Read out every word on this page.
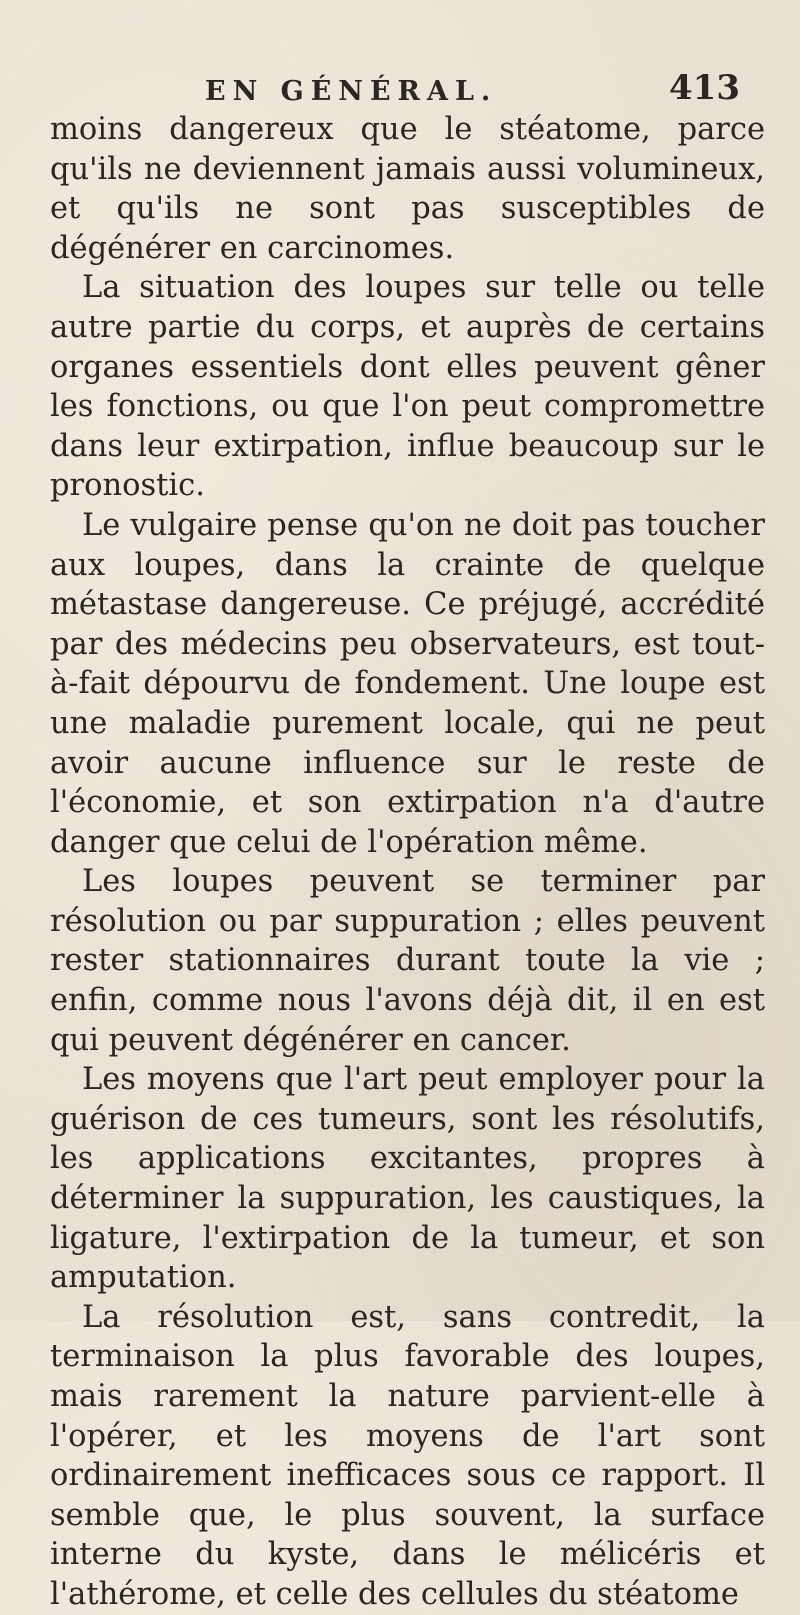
EN GÉNÉRAL.	413

moins dangereux que le stéatome, parce qu'ils ne deviennent jamais aussi volumineux, et qu'ils ne sont pas susceptibles de dégénérer en carcinomes.

La situation des loupes sur telle ou telle autre partie du corps, et auprès de certains organes essentiels dont elles peuvent gêner les fonctions, ou que l'on peut compromettre dans leur extirpation, influe beaucoup sur le pronostic.

Le vulgaire pense qu'on ne doit pas toucher aux loupes, dans la crainte de quelque métastase dangereuse. Ce préjugé, accrédité par des médecins peu observateurs, est tout-à-fait dépourvu de fondement. Une loupe est une maladie purement locale, qui ne peut avoir aucune influence sur le reste de l'économie, et son extirpation n'a d'autre danger que celui de l'opération même.

Les loupes peuvent se terminer par résolution ou par suppuration ; elles peuvent rester stationnaires durant toute la vie ; enfin, comme nous l'avons déjà dit, il en est qui peuvent dégénérer en cancer.

Les moyens que l'art peut employer pour la guérison de ces tumeurs, sont les résolutifs, les applications excitantes, propres à déterminer la suppuration, les caustiques, la ligature, l'extirpation de la tumeur, et son amputation.

La résolution est, sans contredit, la terminaison la plus favorable des loupes, mais rarement la nature parvient-elle à l'opérer, et les moyens de l'art sont ordinairement inefficaces sous ce rapport. Il semble que, le plus souvent, la surface interne du kyste, dans le mélicéris et l'athérome, et celle des cellules du stéatome
